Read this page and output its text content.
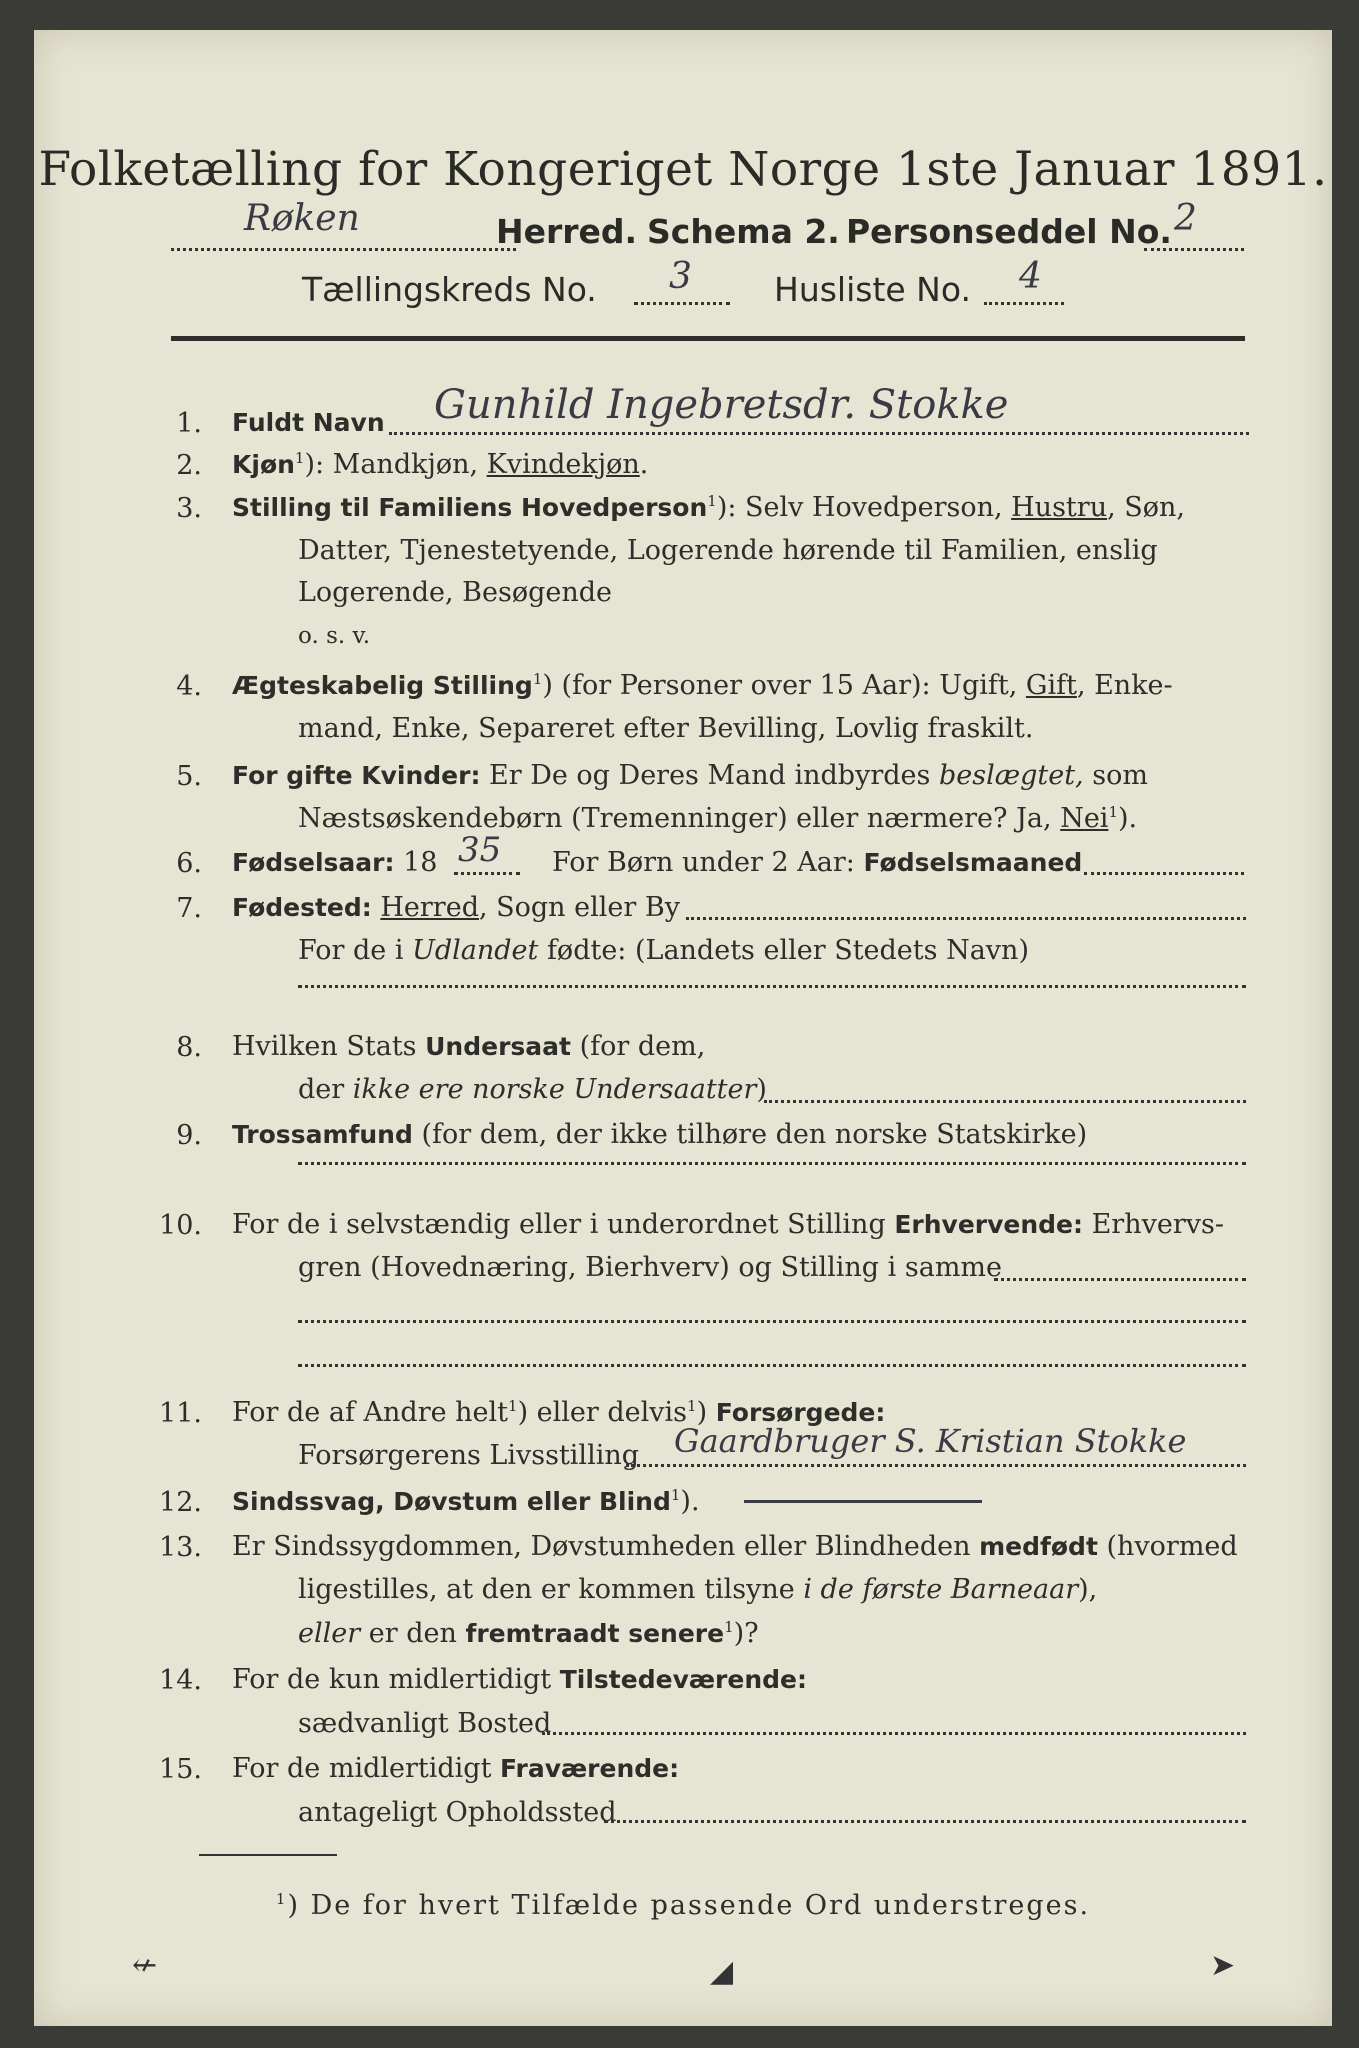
Folketælling for Kongeriget Norge 1ste Januar 1891.
Røken	Herred. Schema 2. Personseddel No. 2
Tællingskreds No. 3 Husliste No. 4
1. Fuldt Navn Gunhild Ingebretsdr. Stokke
2. Kjøn$^1$): Mandkjøn, Kvindekjøn.
3. Stilling til Familiens Hovedperson$^1$): Selv Hovedperson, Hustru, Søn,
Datter, Tjenestetyende, Logerende hørende til Familien, enslig
Logerende, Besøgende
o. s. v.
4. Ægteskabelig Stilling$^1$) (for Personer over 15 Aar): Ugift, Gift, Enke-
mand, Enke, Separeret efter Bevilling, Lovlig fraskilt.
5. For gifte Kvinder: Er De og Deres Mand indbyrdes beslægtet, som
Næstsøskendebørn (Tremenninger) eller nærmere? Ja, Nei$^1$).
6. Fødselsaar: 18 35 For Børn under 2 Aar: Fødselsmaaned
7. Fødested: Herred, Sogn eller By
For de i Udlandet fødte: (Landets eller Stedets Navn)
8. Hvilken Stats Undersaat (for dem,
der ikke ere norske Undersaatter)
9. Trossamfund (for dem, der ikke tilhøre den norske Statskirke)
10. For de i selvstændig eller i underordnet Stilling Erhvervende: Erhvervs-
gren (Hovednæring, Bierhverv) og Stilling i samme
11. For de af Andre helt$^1$) eller delvis$^1$) Forsørgede:
Forsørgerens Livsstilling Gaardbruger S. Kristian Stokke
12. Sindssvag, Døvstum eller Blind$^1$).
13. Er Sindssygdommen, Døvstumheden eller Blindheden medfødt (hvormed
ligestilles, at den er kommen tilsyne i de første Barneaar),
eller er den fremtraadt senere$^1$)?
14. For de kun midlertidigt Tilstedeværende:
sædvanligt Bosted
15. For de midlertidigt Fraværende:
antageligt Opholdssted
$^1$) De for hvert Tilfælde passende Ord understreges.
↚	◢	➤
